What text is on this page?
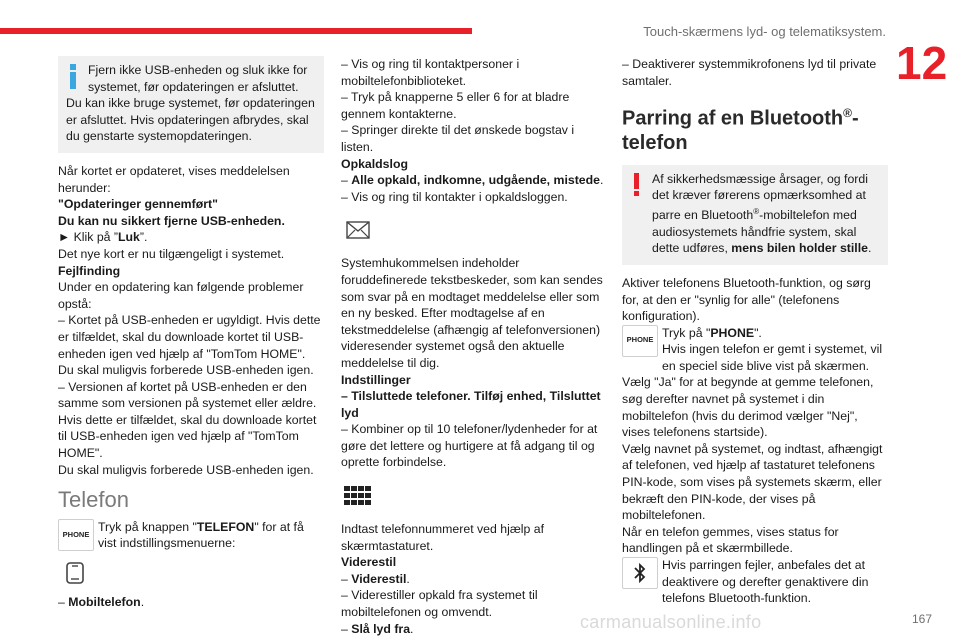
Touch-skærmens lyd- og telematiksystem.
12

Fjern ikke USB-enheden og sluk ikke for systemet, før opdateringen er afsluttet.

Du kan ikke bruge systemet, før opdateringen er afsluttet. Hvis opdateringen afbrydes, skal du genstarte systemopdateringen.

Når kortet er opdateret, vises meddelelsen herunder:

"Opdateringer gennemført"

Du kan nu sikkert fjerne USB-enheden.

► Klik på ”Luk”.

Det nye kort er nu tilgængeligt i systemet.

Fejlfinding

Under en opdatering kan følgende problemer opstå:

– Kortet på USB-enheden er ugyldigt. Hvis dette er tilfældet, skal du downloade kortet til USB-enheden igen ved hjælp af "TomTom HOME".

Du skal muligvis forberede USB-enheden igen.

– Versionen af kortet på USB-enheden er den samme som versionen på systemet eller ældre. Hvis dette er tilfældet, skal du downloade kortet til USB-enheden igen ved hjælp af "TomTom HOME".

Du skal muligvis forberede USB-enheden igen.

Telefon
PHONE

Tryk på knappen "TELEFON" for at få vist indstillingsmenuerne:

– Mobiltelefon.

– Vis og ring til kontaktpersoner i mobiltelefonbiblioteket.

– Tryk på knapperne 5 eller 6 for at bladre gennem kontakterne.

– Springer direkte til det ønskede bogstav i listen.

Opkaldslog

– Alle opkald, indkomne, udgående, mistede.

– Vis og ring til kontakter i opkaldsloggen.

Systemhukommelsen indeholder foruddefinerede tekstbeskeder, som kan sendes som svar på en modtaget meddelelse eller som en ny besked. Efter modtagelse af en tekstmeddelelse (afhængig af telefonversionen) videresender systemet også den aktuelle meddelelse til dig.

Indstillinger

– Tilsluttede telefoner. Tilføj enhed, Tilsluttet lyd

– Kombiner op til 10 telefoner/lydenheder for at gøre det lettere og hurtigere at få adgang til og oprette forbindelse.

Indtast telefonnummeret ved hjælp af skærmtastaturet.

Viderestil

– Viderestil.

– Viderestiller opkald fra systemet til mobiltelefonen og omvendt.

– Slå lyd fra.

– Deaktiverer systemmikrofonens lyd til private samtaler.

Parring af en Bluetooth®-telefon

Af sikkerhedsmæssige årsager, og fordi det kræver førerens opmærksomhed at parre en Bluetooth®-mobiltelefon med audiosystemets håndfrie system, skal dette udføres, mens bilen holder stille.

Aktiver telefonens Bluetooth-funktion, og sørg for, at den er "synlig for alle" (telefonens konfiguration).

PHONE

Tryk på "PHONE".

Hvis ingen telefon er gemt i systemet, vil en speciel side blive vist på skærmen.

Vælg "Ja" for at begynde at gemme telefonen, søg derefter navnet på systemet i din mobiltelefon (hvis du derimod vælger "Nej", vises telefonens startside).

Vælg navnet på systemet, og indtast, afhængigt af telefonen, ved hjælp af tastaturet telefonens PIN-kode, som vises på systemets skærm, eller bekræft den PIN-kode, der vises på mobiltelefonen.

Når en telefon gemmes, vises status for handlingen på et skærmbillede.

Hvis parringen fejler, anbefales det at deaktivere og derefter genaktivere din telefons Bluetooth-funktion.

carmanualsonline.info	167
